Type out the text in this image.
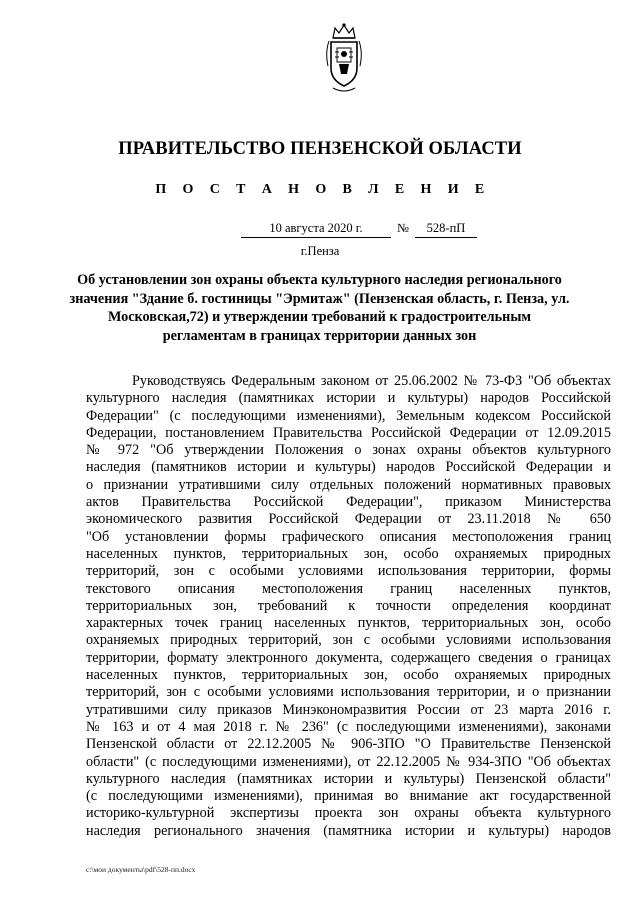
ПРАВИТЕЛЬСТВО ПЕНЗЕНСКОЙ ОБЛАСТИ
П О С Т А Н О В Л Е Н И Е
10 августа 2020 г.	№	528-пП
г.Пенза
Об установлении зон охраны объекта культурного наследия регионального значения "Здание б. гостиницы "Эрмитаж" (Пензенская область, г. Пенза, ул. Московская,72) и утверждении требований к градостроительным регламентам в границах территории данных зон
Руководствуясь Федеральным законом от 25.06.2002 № 73-ФЗ "Об объектах
культурного наследия (памятниках истории и культуры) народов Российской
Федерации" (с последующими изменениями), Земельным кодексом Российской
Федерации, постановлением Правительства Российской Федерации от 12.09.2015
№ 972 "Об утверждении Положения о зонах охраны объектов культурного
наследия (памятников истории и культуры) народов Российской Федерации и
о признании утратившими силу отдельных положений нормативных правовых
актов Правительства Российской Федерации", приказом Министерства
экономического развития Российской Федерации от 23.11.2018 № 650
"Об установлении формы графического описания местоположения границ
населенных пунктов, территориальных зон, особо охраняемых природных
территорий, зон с особыми условиями использования территории, формы
текстового описания местоположения границ населенных пунктов,
территориальных зон, требований к точности определения координат
характерных точек границ населенных пунктов, территориальных зон, особо
охраняемых природных территорий, зон с особыми условиями использования
территории, формату электронного документа, содержащего сведения о границах
населенных пунктов, территориальных зон, особо охраняемых природных
территорий, зон с особыми условиями использования территории, и о признании
утратившими силу приказов Минэкономразвития России от 23 марта 2016 г.
№ 163 и от 4 мая 2018 г. № 236" (с последующими изменениями), законами
Пензенской области от 22.12.2005 № 906-ЗПО "О Правительстве Пензенской
области" (с последующими изменениями), от 22.12.2005 № 934-ЗПО "Об объектах
культурного наследия (памятниках истории и культуры) Пензенской области"
(с последующими изменениями), принимая во внимание акт государственной
историко-культурной экспертизы проекта зон охраны объекта культурного
наследия регионального значения (памятника истории и культуры) народов
c:\мои документы\pdf\528-пп.docx
